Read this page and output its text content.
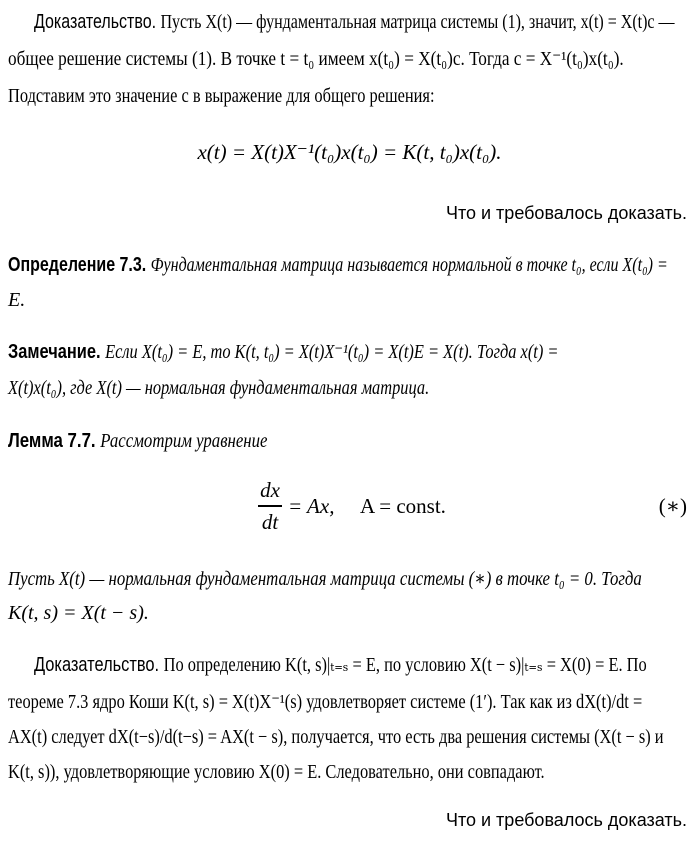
Доказательство. Пусть X(t) — фундаментальная матрица системы (1), значит, x(t) = X(t)c —
общее решение системы (1). В точке t = t₀ имеем x(t₀) = X(t₀)c. Тогда c = X⁻¹(t₀)x(t₀).
Подставим это значение c в выражение для общего решения:
x(t) = X(t)X⁻¹(t₀)x(t₀) = K(t, t₀)x(t₀).
Что и требовалось доказать.
Определение 7.3. Фундаментальная матрица называется нормальной в точке t₀, если X(t₀) =
E.
Замечание. Если X(t₀) = E, то K(t, t₀) = X(t)X⁻¹(t₀) = X(t)E = X(t). Тогда x(t) =
X(t)x(t₀), где X(t) — нормальная фундаментальная матрица.
Лемма 7.7. Рассмотрим уравнение
dx
dt
= Ax, A = const.	(∗)
Пусть X(t) — нормальная фундаментальная матрица системы (∗) в точке t₀ = 0. Тогда
K(t, s) = X(t − s).
Доказательство. По определению K(t, s)|ₜ₌ₛ = E, по условию X(t − s)|ₜ₌ₛ = X(0) = E. По
теореме 7.3 ядро Коши K(t, s) = X(t)X⁻¹(s) удовлетворяет системе (1′). Так как из dX(t)/dt =
AX(t) следует dX(t−s)/d(t−s) = AX(t − s), получается, что есть два решения системы (X(t − s) и
K(t, s)), удовлетворяющие условию X(0) = E. Следовательно, они совпадают.
Что и требовалось доказать.
